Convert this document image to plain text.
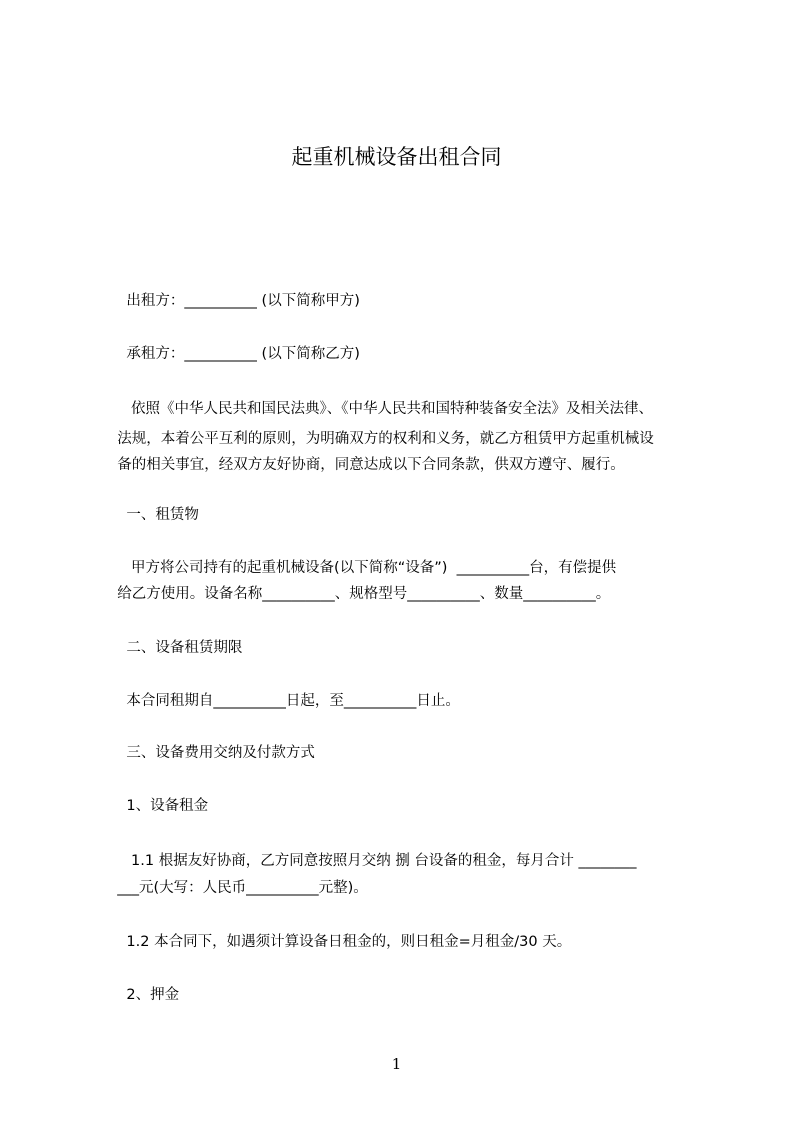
起重机械设备出租合同

出租方：__________ (以下简称甲方)

承租方：__________ (以下简称乙方)

依照《中华人民共和国民法典》、《中华人民共和国特种装备安全法》及相关法律、

法规，本着公平互利的原则，为明确双方的权利和义务，就乙方租赁甲方起重机械设

备的相关事宜，经双方友好协商，同意达成以下合同条款，供双方遵守、履行。

一、租赁物

甲方将公司持有的起重机械设备(以下简称“设备”)  __________台，有偿提供

给乙方使用。设备名称__________、规格型号__________、数量__________。

二、设备租赁期限

本合同租期自__________日起，至__________日止。

三、设备费用交纳及付款方式

1、设备租金

1.1 根据友好协商，乙方同意按照月交纳 捌 台设备的租金，每月合计 ________

___元(大写：人民币__________元整)。

1.2 本合同下，如遇须计算设备日租金的，则日租金=月租金/30 天。

2、押金

1
